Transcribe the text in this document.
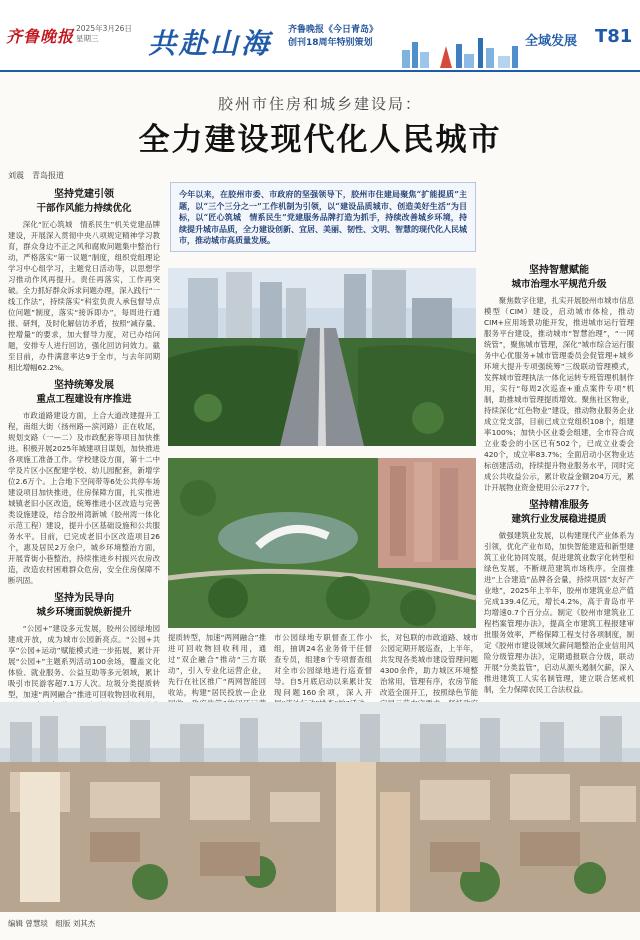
齐鲁晚报 2025年3月26日
星期三	共赴山海 齐鲁晚报《今日青岛》
创刊18周年特别策划	全域发展 T81
胶州市住房和城乡建设局：
全力建设现代化人民城市
刘震　青岛报道
坚持党建引领
干部作风能力持续优化

深化“匠心筑城　情系民生”机关党建品牌建设，开展深入贯彻中央八项规定精神学习教育，群众身边不正之风和腐败问题集中整治行动，严格落实“第一议题”制度，组织党组理论学习中心组学习，主题党日活动等，以思想学习推动作风再提升。责任再落实，工作再突破。全力抓好群众诉求问题办理，深入践行“一线工作法”，持续落实“科室负责人承包督导点位问题”制度，落实“接诉即办”，每周进行通报、研判，及时化解信访矛盾，按照“减存量、控增量”的要求，加大督导力度，对已办结问题，安排专人进行回访，强化回访问效力。截至目前，办件满意率达9于全市，与去年同期相比增幅62.2%。

坚持统筹发展
重点工程建设有序推进

市政道路建设方面，上合大道改建提升工程，南组大街（扬州路—滨河路）正在收尾，规划支路（一—二）及市政配套等项目加快推进。积极开展2025年城建项目谋划，加快推进各项施工准备工作。学校建设方面，第十二中学及片区小区配建学校、幼儿园配套，新增学位2.6万个。上合地下空间带等6处公共停车场建设项目加快推进，住房保障方面，扎实推进城镇老旧小区改造，统筹推进小区改造与完善类设施建设，结合胶州湾新城（胶州湾一体化示范工程）建设，提升小区基础设施和公共服务水平。目前，已完成老旧小区改造项目26个，惠及居民2万余户，城乡环境整治方面，开展背街小巷整治，持续推进乡村振兴农房改造，改造农村困难群众危房，安全住房保障不断巩固。

坚持为民导向
城乡环境面貌焕新提升

“公园+”建设多元发展，胶州公园绿地园建成开放，成为城市公园新亮点。“公园+共享”公园+运动”赋能模式进一步拓展，累计开展“公园+”主题系列活动100余场，覆盖文化体验、就业服务、公益互助等多元领域，累计吸引市民游客超7.1万人次。垃圾分类提质转型，加速“两网融合”推进可回收物回收利用，

今年以来，在胶州市委、市政府的坚强领导下，胶州市住建局聚焦“扩能提质”主题，以“三个三分之一”工作机制为引领，以“建设品质城市、创造美好生活”为目标，以“匠心筑城　情系民生”党建服务品牌打造为抓手，持续改善城乡环境，持续提升城市品质，全力建设创新、宜居、美丽、韧性、文明、智慧的现代化人民城市，推动城市高质量发展。
提质转型，加速“两网融合”推进可回收物回收利用，通过“双企融合”推动“三方联动”，引入专业化运营企业，先行在社区推广“两网智能回收站，构建“居民投放—企业
市公园绿地专职督查工作小组，抽调24名业务骨干任督查专员，组建8个专项督查组对全市公园绿地进行巡查督导。自5月底启动以来累计发现问题160余项，深入开
长，对包联的市政道路、城市公园定期开展巡查，上半年，共发现各类城市建设管理问题4300余件，助力城区环境整治常用，管理有序，农房节能改造全面开工，按照绿色节能
坚持智慧赋能
城市治理水平规范升级

聚焦数字住建，扎实开展胶州市城市信息模型（CIM）建设，启动城市体检，推动CIM+应用场景功能开发，推进城市运行管理服务平台建设，推动城市“智慧治理”，“一网统管”，聚焦城市管理，深化“城市综合运行服务中心优服务+城市管理委员会促管理+城乡环境大提升专项强统筹”三级联动管理模式，发挥城市管理执法一体化运转专班管理机制作用，实行“每周2次巡查+重点案件专项”机制，助推城市管理提质增效。聚焦社区物业，持续深化“红色物业”建设，推动物业服务企业成立党支部，目前已成立党组织108个，组建率100%；加快小区业委会组建，全市符合成立业委会的小区已有502个，已成立业委会420个，成立率83.7%；全面启动小区物业达标创建活动，持续提升物业服务水平，同时完成公共收益公示，累计收益金额204万元，累计开展物业资金使用公示277个。

坚持精准服务
建筑行业发展稳进提质

做强建筑业发展，以构建现代产业体系为引领，优化产业布局，加快智能建造和新型建筑工业化协同发展，促进建筑业数字化转型和绿色发展，不断规范建筑市场秩序。全面推进“上合建造”品牌各会量，持续巩固“友好产业地”，2025年上半年，胶州市建筑业总产值完成139.4亿元，增长4.2%，高于青岛市平均增速0.7个百分点。制定《胶州市建筑业工程档案管理办法》，提高全市建筑工程报建审批服务效率，严格保障工程支付各项制度，制定《胶州市建设领域欠薪问题整治企业信用风险分级管理办法》，定期通报联合分级，联动开展“分类监管”，启动从源头遏制欠薪，深入推进建筑工人实名制管理，建立联合惩戒机制，全力保障农民工合法权益。

编辑 曾慧琰　组版 刘其杰
